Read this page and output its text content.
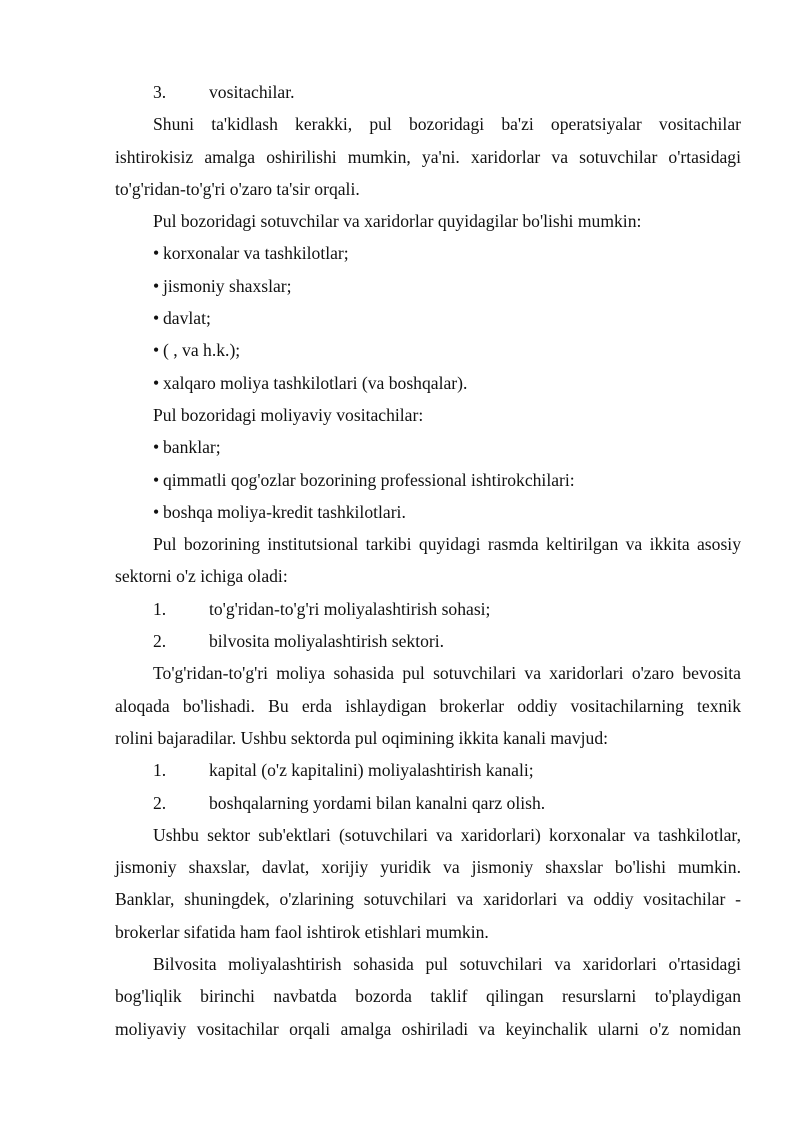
3. vositachilar.
Shuni ta'kidlash kerakki, pul bozoridagi ba'zi operatsiyalar vositachilar
ishtirokisiz amalga oshirilishi mumkin, ya'ni. xaridorlar va sotuvchilar o'rtasidagi
to'g'ridan-to'g'ri o'zaro ta'sir orqali.
Pul bozoridagi sotuvchilar va xaridorlar quyidagilar bo'lishi mumkin:
• korxonalar va tashkilotlar;
• jismoniy shaxslar;
• davlat;
• ( , va h.k.);
• xalqaro moliya tashkilotlari (va boshqalar).
Pul bozoridagi moliyaviy vositachilar:
• banklar;
• qimmatli qog'ozlar bozorining professional ishtirokchilari:
• boshqa moliya-kredit tashkilotlari.
Pul bozorining institutsional tarkibi quyidagi rasmda keltirilgan va ikkita asosiy
sektorni o'z ichiga oladi:
1. to'g'ridan-to'g'ri moliyalashtirish sohasi;
2. bilvosita moliyalashtirish sektori.
To'g'ridan-to'g'ri moliya sohasida pul sotuvchilari va xaridorlari o'zaro bevosita
aloqada bo'lishadi. Bu erda ishlaydigan brokerlar oddiy vositachilarning texnik
rolini bajaradilar. Ushbu sektorda pul oqimining ikkita kanali mavjud:
1. kapital (o'z kapitalini) moliyalashtirish kanali;
2. boshqalarning yordami bilan kanalni qarz olish.
Ushbu sektor sub'ektlari (sotuvchilari va xaridorlari) korxonalar va tashkilotlar,
jismoniy shaxslar, davlat, xorijiy yuridik va jismoniy shaxslar bo'lishi mumkin.
Banklar, shuningdek, o'zlarining sotuvchilari va xaridorlari va oddiy vositachilar -
brokerlar sifatida ham faol ishtirok etishlari mumkin.
Bilvosita moliyalashtirish sohasida pul sotuvchilari va xaridorlari o'rtasidagi
bog'liqlik birinchi navbatda bozorda taklif qilingan resurslarni to'playdigan
moliyaviy vositachilar orqali amalga oshiriladi va keyinchalik ularni o'z nomidan
